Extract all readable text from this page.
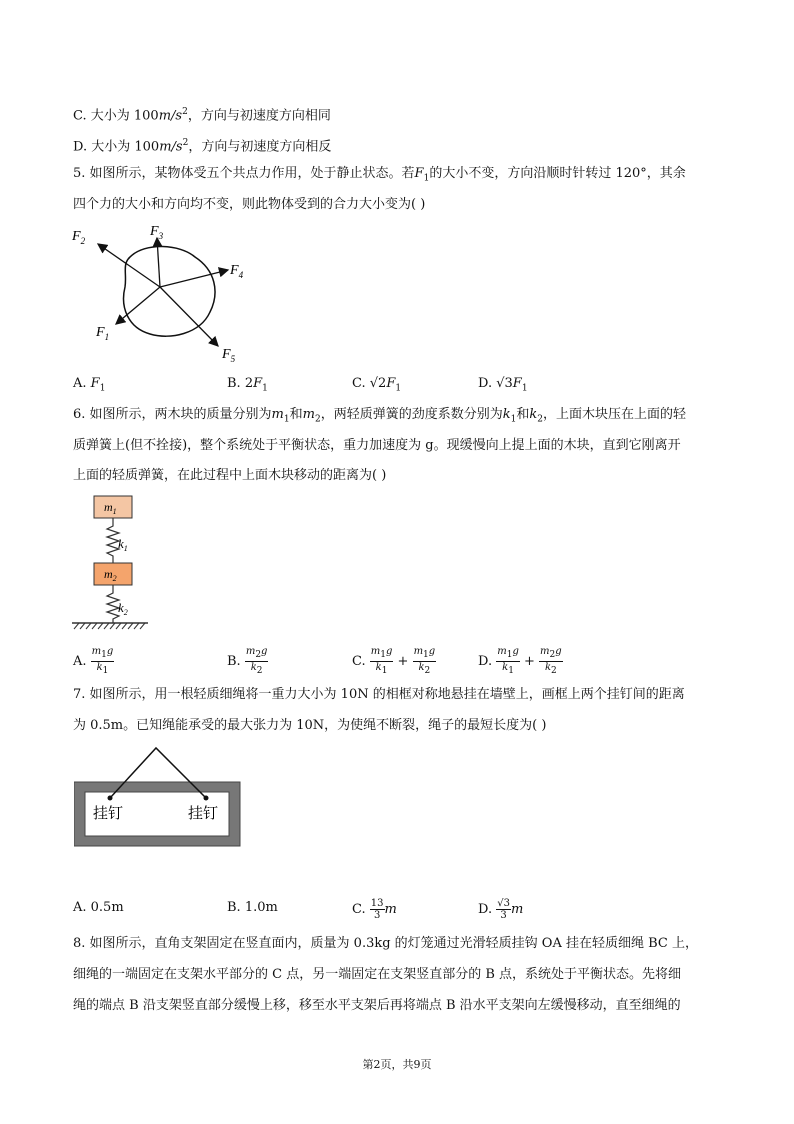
C. 大小为 $100m/s^2$，方向与初速度方向相同
D. 大小为 $100m/s^2$，方向与初速度方向相反
5. 如图所示，某物体受五个共点力作用，处于静止状态。若$F_1$的大小不变，方向沿顺时针转过 120°，其余
四个力的大小和方向均不变，则此物体受到的合力大小变为( )
$F_2$
$F_3$
$F_4$
$F_1$
$F_5$
A. $F_1$	B. $2F_1$	C. $√2F_1$	D. $√3F_1$
6. 如图所示，两木块的质量分别为$m_1$和$m_2$，两轻质弹簧的劲度系数分别为$k_1$和$k_2$，上面木块压在上面的轻
质弹簧上(但不拴接)，整个系统处于平衡状态，重力加速度为 g。现缓慢向上提上面的木块，直到它刚离开
上面的轻质弹簧，在此过程中上面木块移动的距离为( )
$m_1$
$k_1$
$m_2$
$k_2$
A. $\frac{m_1g}{k_1}$	B. $\frac{m_2g}{k_2}$	C. $\frac{m_1g}{k_1} + \frac{m_1g}{k_2}$	D. $\frac{m_1g}{k_1} + \frac{m_2g}{k_2}$
7. 如图所示，用一根轻质细绳将一重力大小为 10N 的相框对称地悬挂在墙壁上，画框上两个挂钉间的距离
为 0.5m。已知绳能承受的最大张力为 10N，为使绳不断裂，绳子的最短长度为( )
挂钉	挂钉
A. 0.5m	B. 1.0m	C. $\frac{13}{3}$ m	D. $\frac{√3}{3}$ m
8. 如图所示，直角支架固定在竖直面内，质量为 0.3kg 的灯笼通过光滑轻质挂钩 OA 挂在轻质细绳 BC 上，
细绳的一端固定在支架水平部分的 C 点，另一端固定在支架竖直部分的 B 点，系统处于平衡状态。先将细
绳的端点 B 沿支架竖直部分缓慢上移，移至水平支架后再将端点 B 沿水平支架向左缓慢移动，直至细绳的
第2页，共9页
